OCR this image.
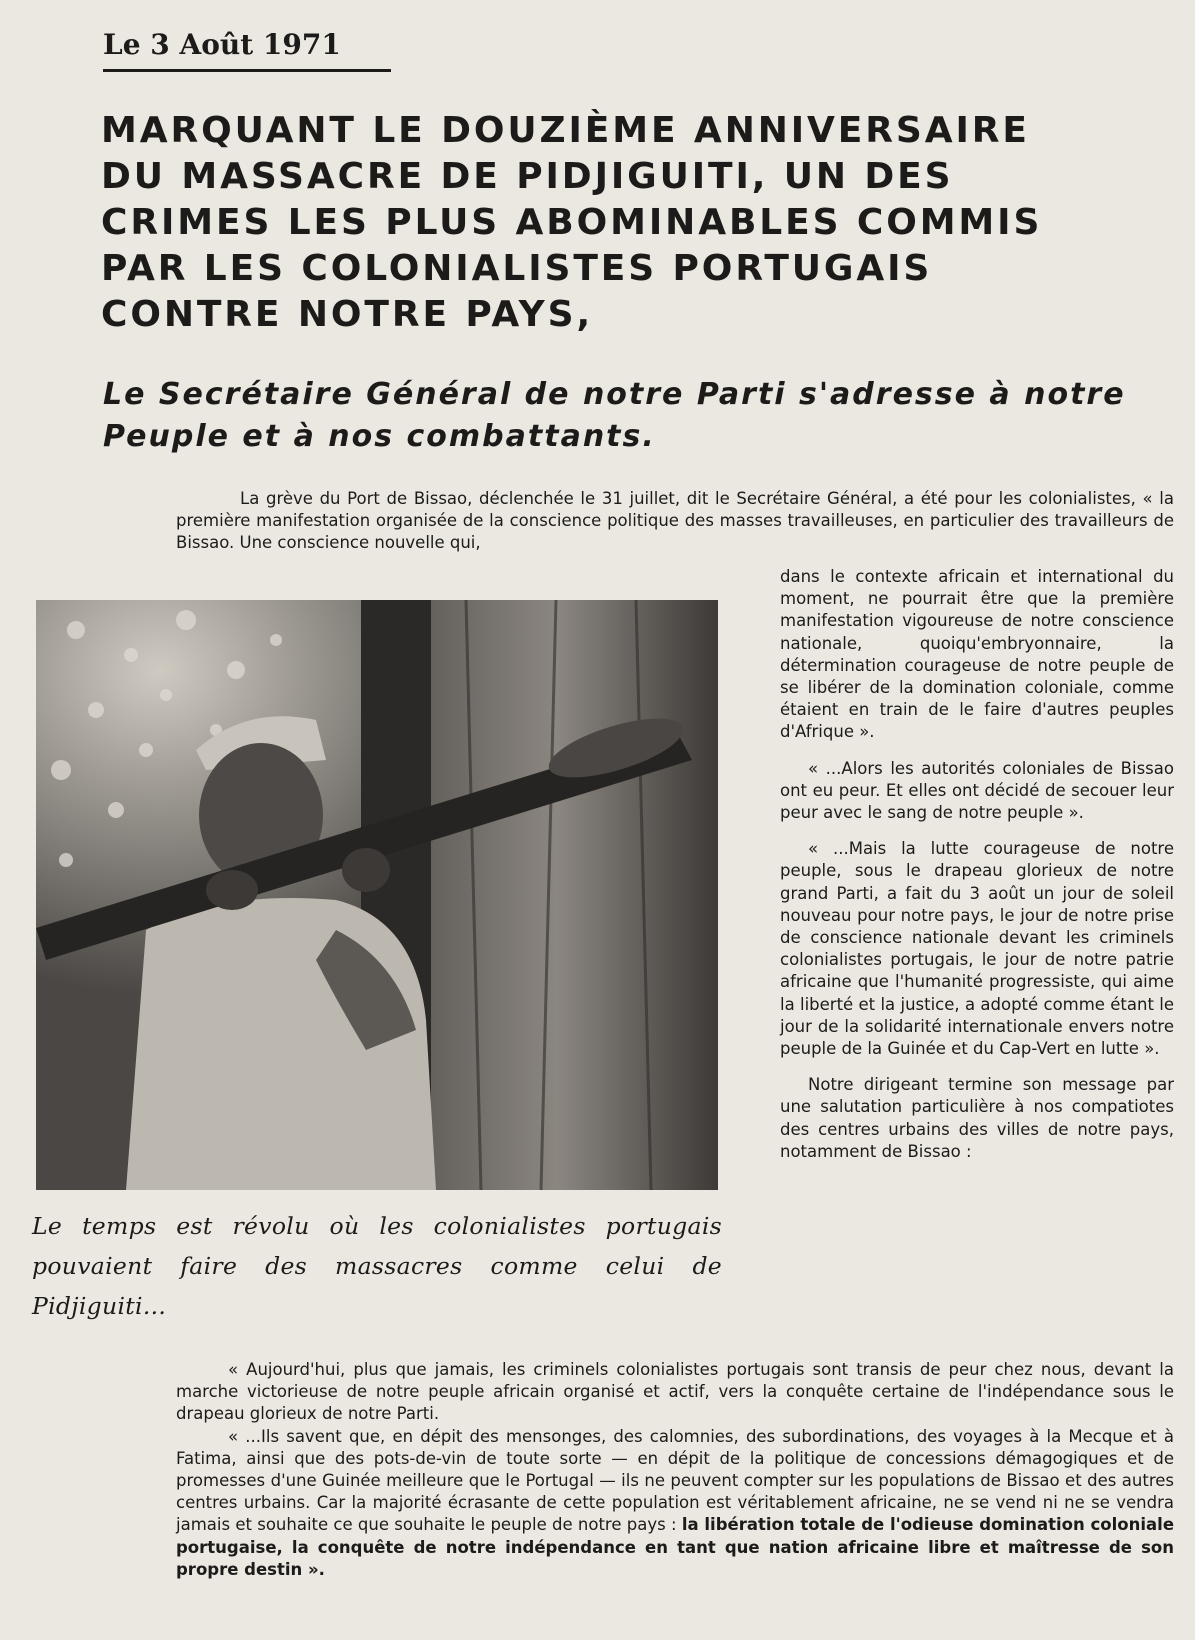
Le 3 Août 1971
MARQUANT LE DOUZIÈME ANNIVERSAIRE DU MASSACRE DE PIDJIGUITI, UN DES CRIMES LES PLUS ABOMINABLES COMMIS PAR LES COLONIALISTES PORTUGAIS CONTRE NOTRE PAYS,
Le Secrétaire Général de notre Parti s'adresse à notre Peuple et à nos combattants.

La grève du Port de Bissao, déclenchée le 31 juillet, dit le Secrétaire Général, a été pour les colonialistes, « la première manifestation organisée de la conscience politique des masses travailleuses, en particulier des travailleurs de Bissao. Une conscience nouvelle qui,

Le temps est révolu où les colonialistes portugais pouvaient faire des massacres comme celui de Pidjiguiti...

dans le contexte africain et international du moment, ne pourrait être que la première manifestation vigoureuse de notre conscience nationale, quoiqu'embryonnaire, la détermination courageuse de notre peuple de se libérer de la domination coloniale, comme étaient en train de le faire d'autres peuples d'Afrique ».

« ...Alors les autorités coloniales de Bissao ont eu peur. Et elles ont décidé de secouer leur peur avec le sang de notre peuple ».

« ...Mais la lutte courageuse de notre peuple, sous le drapeau glorieux de notre grand Parti, a fait du 3 août un jour de soleil nouveau pour notre pays, le jour de notre prise de conscience nationale devant les criminels colonialistes portugais, le jour de notre patrie africaine que l'humanité progressiste, qui aime la liberté et la justice, a adopté comme étant le jour de la solidarité internationale envers notre peuple de la Guinée et du Cap-Vert en lutte ».

Notre dirigeant termine son message par une salutation particulière à nos compatiotes des centres urbains des villes de notre pays, notamment de Bissao :

« Aujourd'hui, plus que jamais, les criminels colonialistes portugais sont transis de peur chez nous, devant la marche victorieuse de notre peuple africain organisé et actif, vers la conquête certaine de l'indépendance sous le drapeau glorieux de notre Parti.

« ...Ils savent que, en dépit des mensonges, des calomnies, des subordinations, des voyages à la Mecque et à Fatima, ainsi que des pots-de-vin de toute sorte — en dépit de la politique de concessions démagogiques et de promesses d'une Guinée meilleure que le Portugal — ils ne peuvent compter sur les populations de Bissao et des autres centres urbains. Car la majorité écrasante de cette population est véritablement africaine, ne se vend ni ne se vendra jamais et souhaite ce que souhaite le peuple de notre pays : la libération totale de l'odieuse domination coloniale portugaise, la conquête de notre indépendance en tant que nation africaine libre et maîtresse de son propre destin ».
